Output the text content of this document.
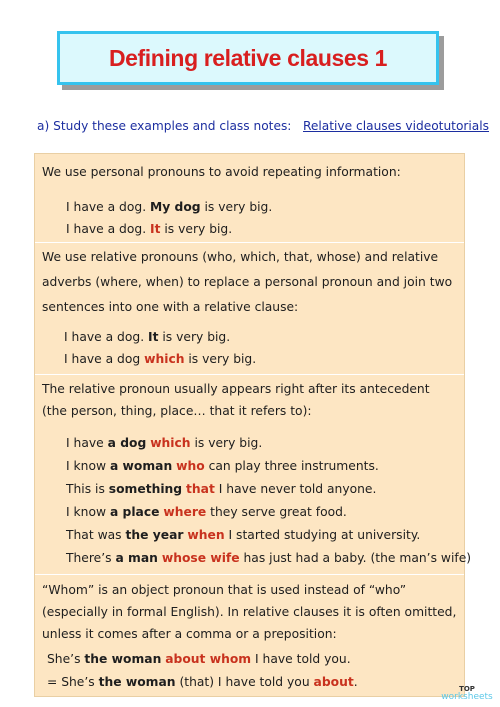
Defining relative clauses 1
a) Study these examples and class notes: Relative clauses videotutorials
We use personal pronouns to avoid repeating information:
I have a dog. My dog is very big.
I have a dog. It is very big.
We use relative pronouns (who, which, that, whose) and relative
adverbs (where, when) to replace a personal pronoun and join two
sentences into one with a relative clause:
I have a dog. It is very big.
I have a dog which is very big.
The relative pronoun usually appears right after its antecedent
(the person, thing, place… that it refers to):
I have a dog which is very big.
I know a woman who can play three instruments.
This is something that I have never told anyone.
I know a place where they serve great food.
That was the year when I started studying at university.
There’s a man whose wife has just had a baby. (the man’s wife)
“Whom” is an object pronoun that is used instead of “who”
(especially in formal English). In relative clauses it is often omitted,
unless it comes after a comma or a preposition:
She’s the woman about whom I have told you.
= She’s the woman (that) I have told you about.	TOP
worksheets
